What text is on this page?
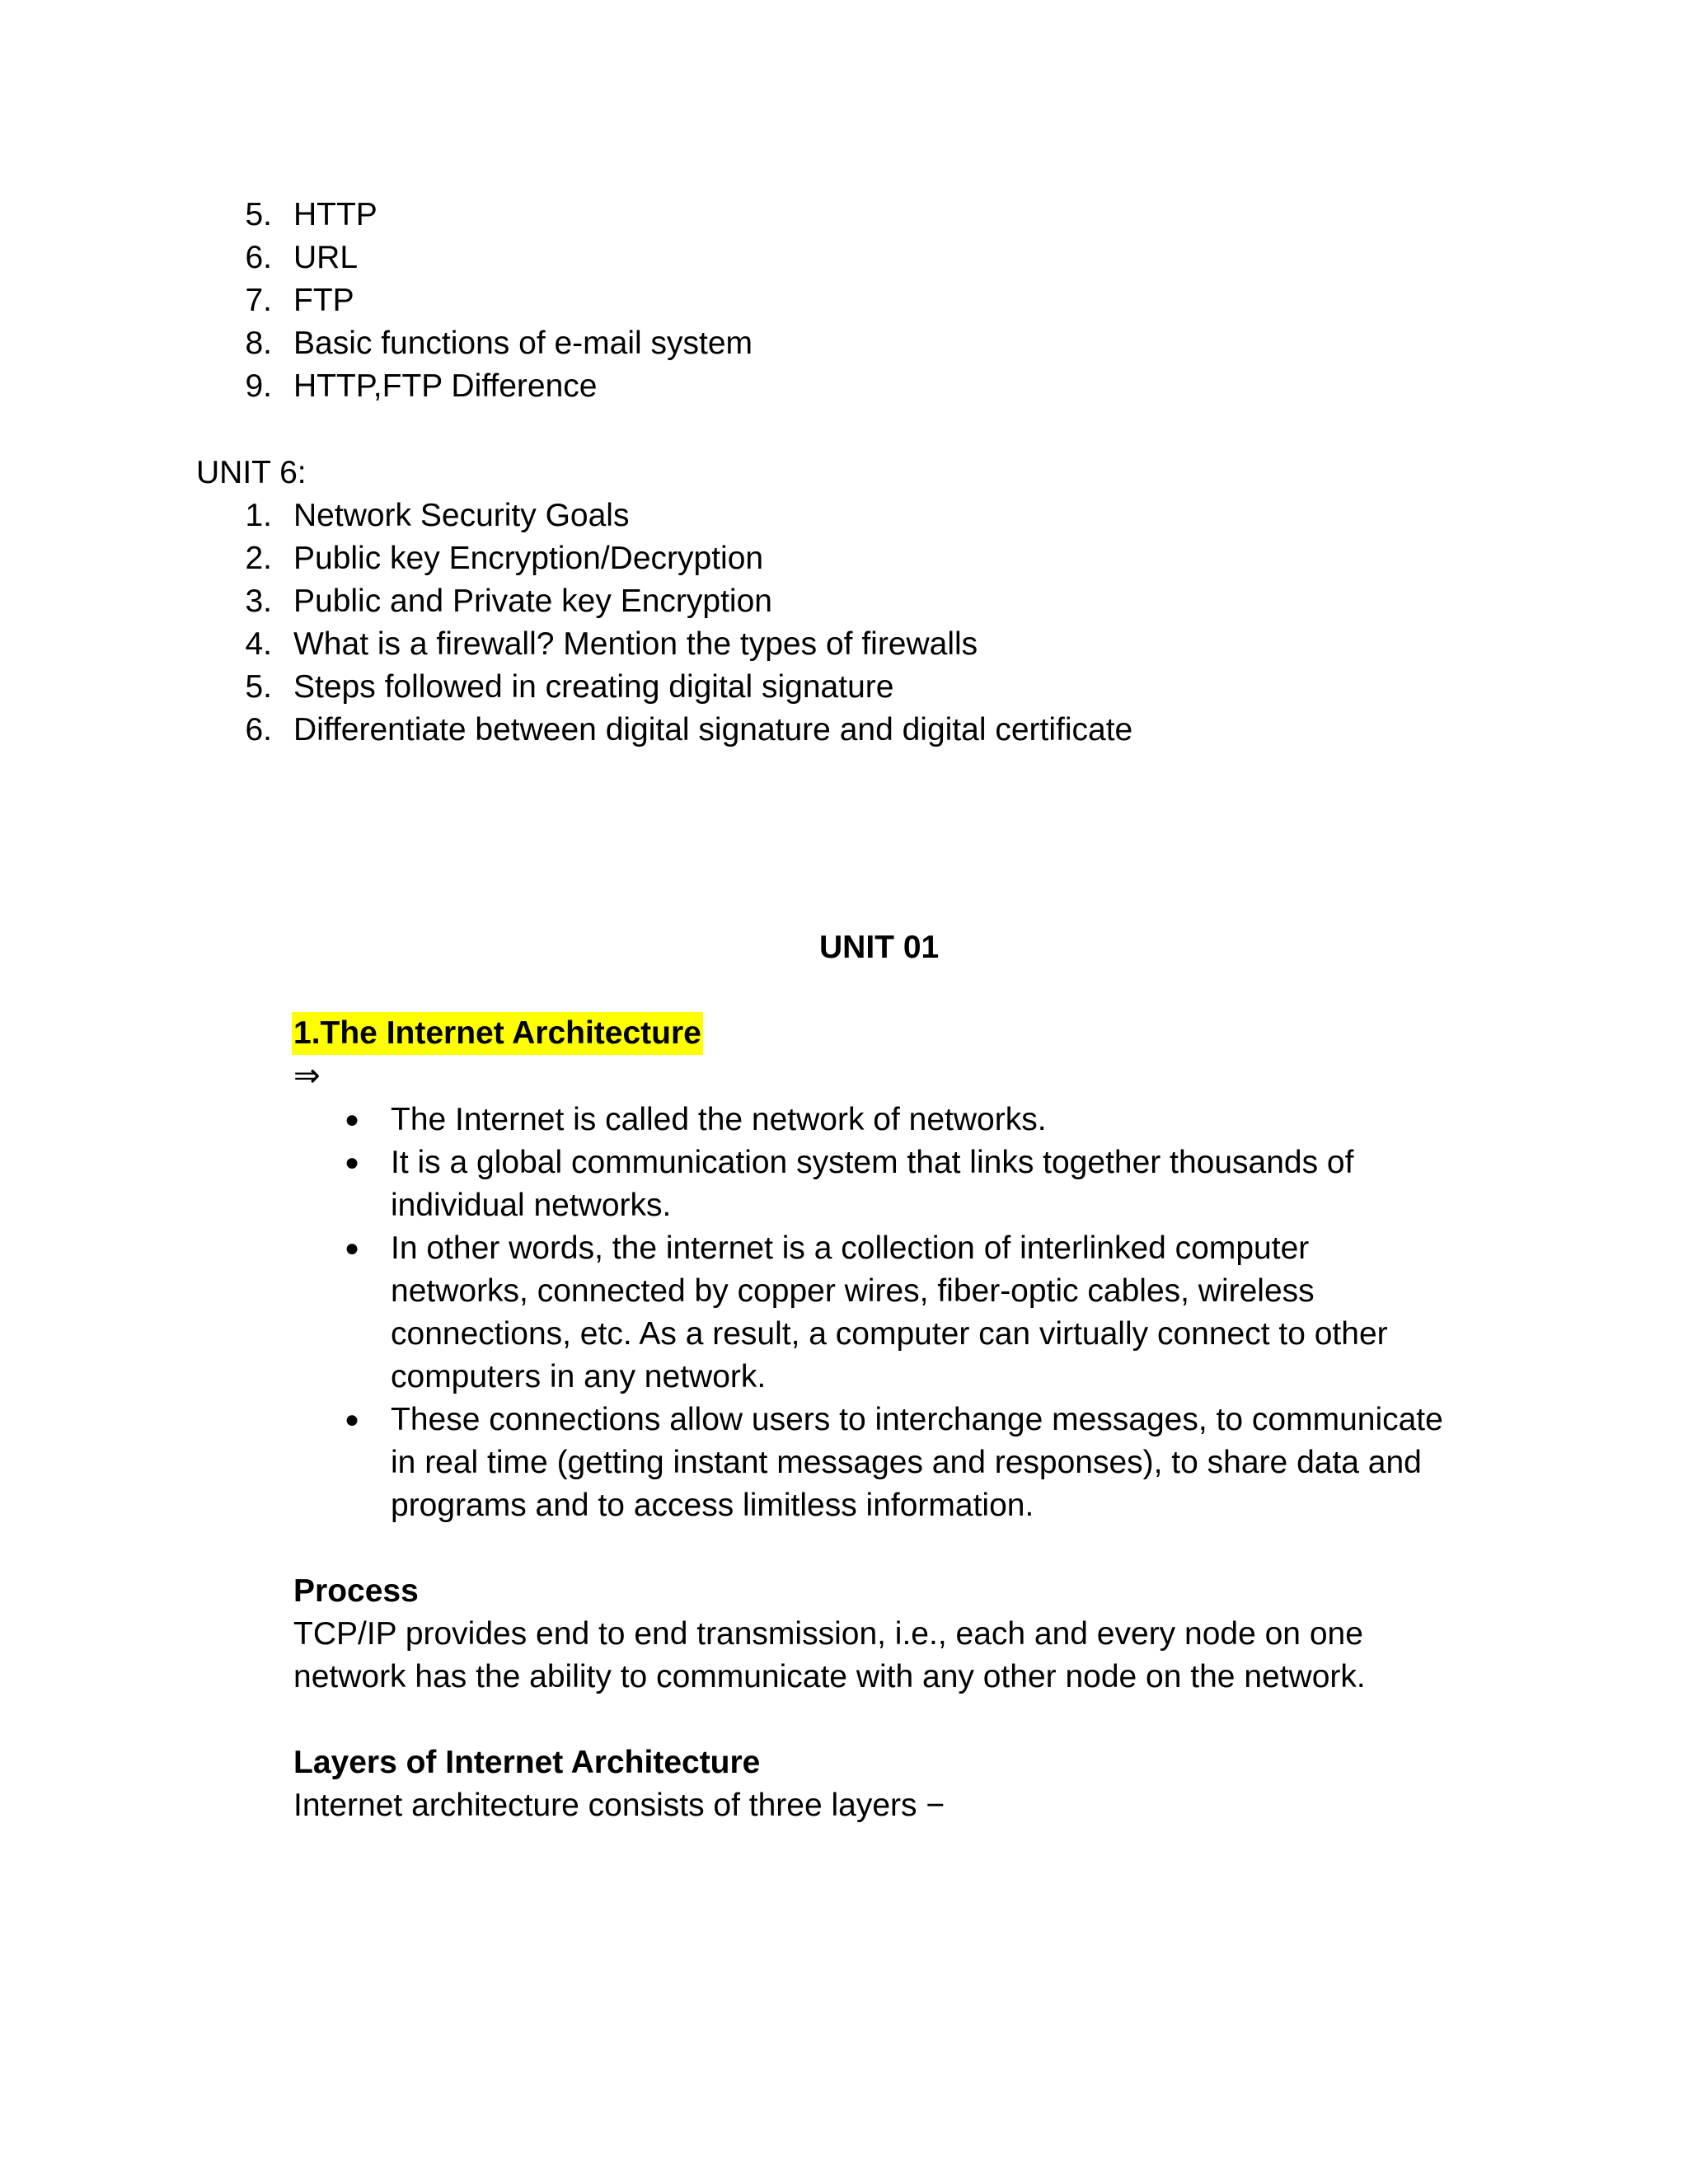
5. HTTP
6. URL
7. FTP
8. Basic functions of e-mail system
9. HTTP,FTP Difference
UNIT 6:
1. Network Security Goals
2. Public key Encryption/Decryption
3. Public and Private key Encryption
4. What is a firewall? Mention the types of firewalls
5. Steps followed in creating digital signature
6. Differentiate between digital signature and digital certificate
UNIT 01
1.The Internet Architecture
⇒
● The Internet is called the network of networks.
● It is a global communication system that links together thousands of
individual networks.
● In other words, the internet is a collection of interlinked computer
networks, connected by copper wires, fiber-optic cables, wireless
connections, etc. As a result, a computer can virtually connect to other
computers in any network.
● These connections allow users to interchange messages, to communicate
in real time (getting instant messages and responses), to share data and
programs and to access limitless information.
Process
TCP/IP provides end to end transmission, i.e., each and every node on one
network has the ability to communicate with any other node on the network.
Layers of Internet Architecture
Internet architecture consists of three layers −
